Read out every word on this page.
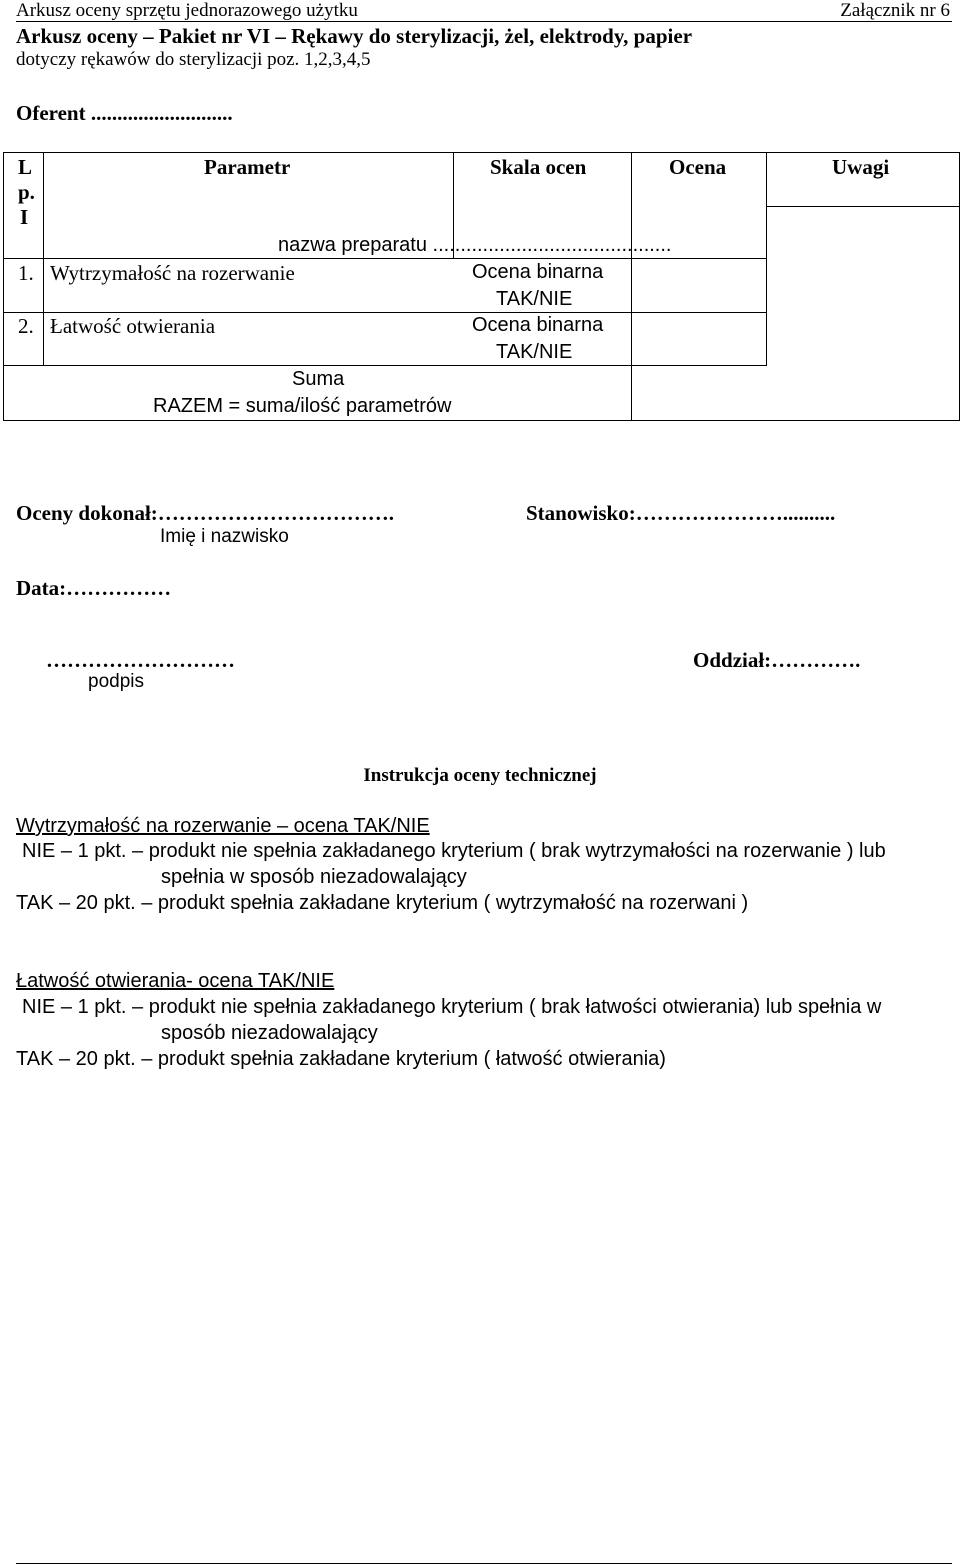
Arkusz oceny sprzętu jednorazowego użytku	Załącznik nr 6
Arkusz oceny – Pakiet nr VI – Rękawy do sterylizacji, żel, elektrody, papier
dotyczy rękawów do sterylizacji poz. 1,2,3,4,5
Oferent ...........................
L
p.
I
Parametr	Skala ocen	Ocena	Uwagi
nazwa preparatu ...........................................
1. Wytrzymałość na rozerwanie	Ocena binarna
TAK/NIE
2. Łatwość otwierania	Ocena binarna
TAK/NIE
Suma
RAZEM = suma/ilość parametrów
Oceny dokonał:…………………………….
Imię i nazwisko
Stanowisko:…………………..........
Data:……………
………………………
podpis
Oddział:………….
Instrukcja oceny technicznej
Wytrzymałość na rozerwanie – ocena TAK/NIE
NIE – 1 pkt. – produkt nie spełnia zakładanego kryterium ( brak wytrzymałości na rozerwanie ) lub
spełnia w sposób niezadowalający
TAK – 20 pkt. – produkt spełnia zakładane kryterium ( wytrzymałość na rozerwani )
Łatwość otwierania- ocena TAK/NIE
NIE – 1 pkt. – produkt nie spełnia zakładanego kryterium ( brak łatwości otwierania) lub spełnia w
sposób niezadowalający
TAK – 20 pkt. – produkt spełnia zakładane kryterium ( łatwość otwierania)
